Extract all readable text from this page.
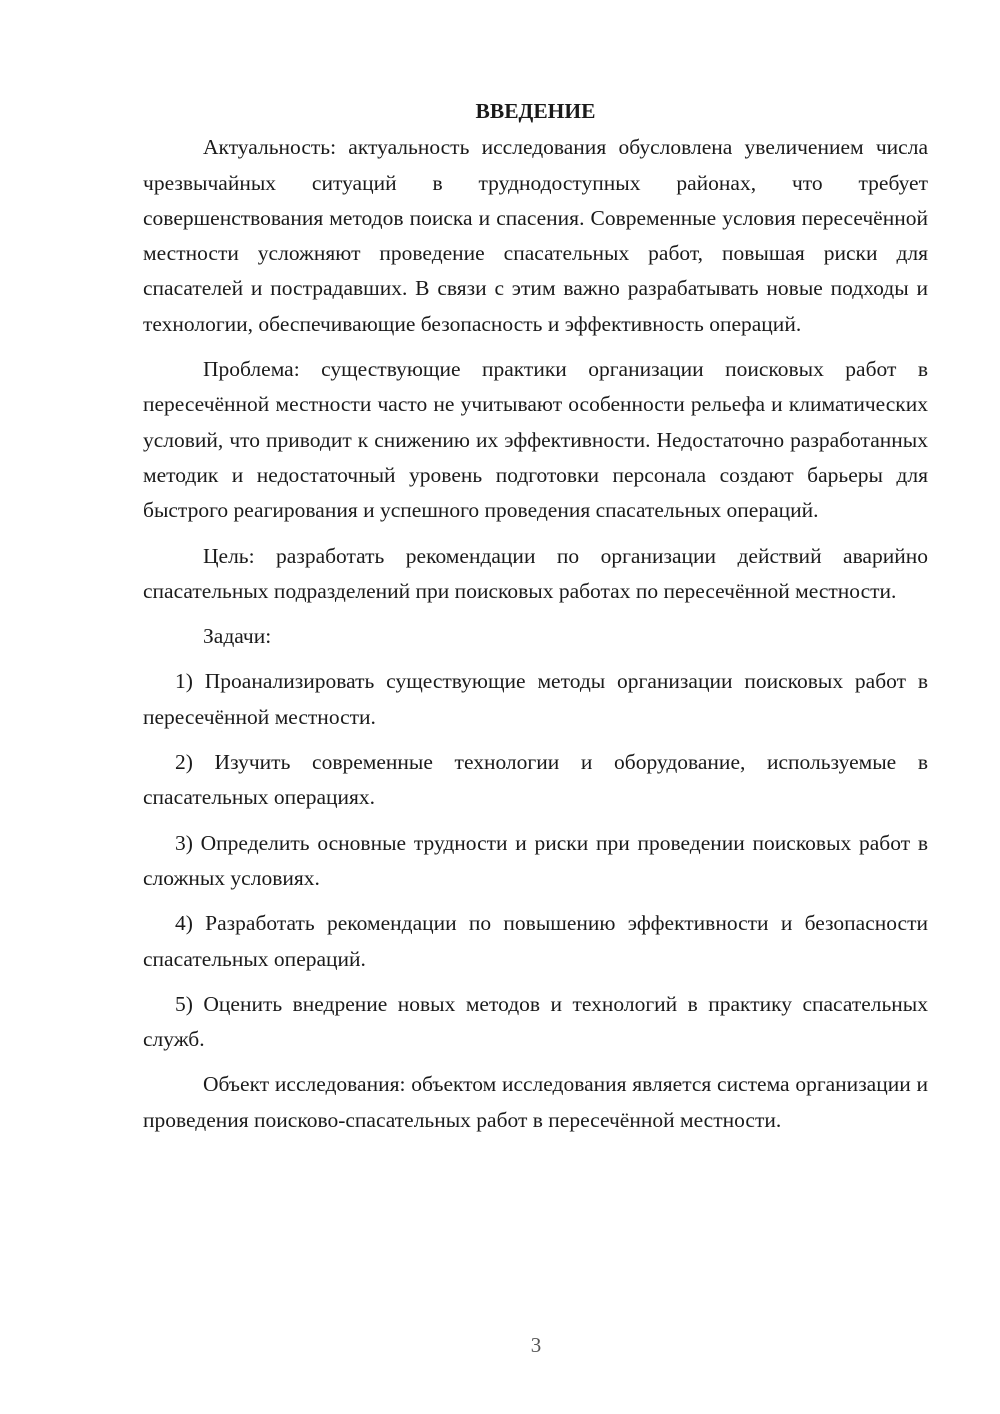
ВВЕДЕНИЕ

Актуальность: актуальность исследования обусловлена увеличением числа чрезвычайных ситуаций в труднодоступных районах, что требует совершенствования методов поиска и спасения. Современные условия пересечённой местности усложняют проведение спасательных работ, повышая риски для спасателей и пострадавших. В связи с этим важно разрабатывать новые подходы и технологии, обеспечивающие безопасность и эффективность операций.

Проблема: существующие практики организации поисковых работ в пересечённой местности часто не учитывают особенности рельефа и климатических условий, что приводит к снижению их эффективности. Недостаточно разработанных методик и недостаточный уровень подготовки персонала создают барьеры для быстрого реагирования и успешного проведения спасательных операций.

Цель: разработать рекомендации по организации действий аварийно спасательных подразделений при поисковых работах по пересечённой местности.

Задачи:

1) Проанализировать существующие методы организации поисковых работ в пересечённой местности.

2) Изучить современные технологии и оборудование, используемые в спасательных операциях.

3) Определить основные трудности и риски при проведении поисковых работ в сложных условиях.

4) Разработать рекомендации по повышению эффективности и безопасности спасательных операций.

5) Оценить внедрение новых методов и технологий в практику спасательных служб.

Объект исследования: объектом исследования является система организации и проведения поисково-спасательных работ в пересечённой местности.

3
